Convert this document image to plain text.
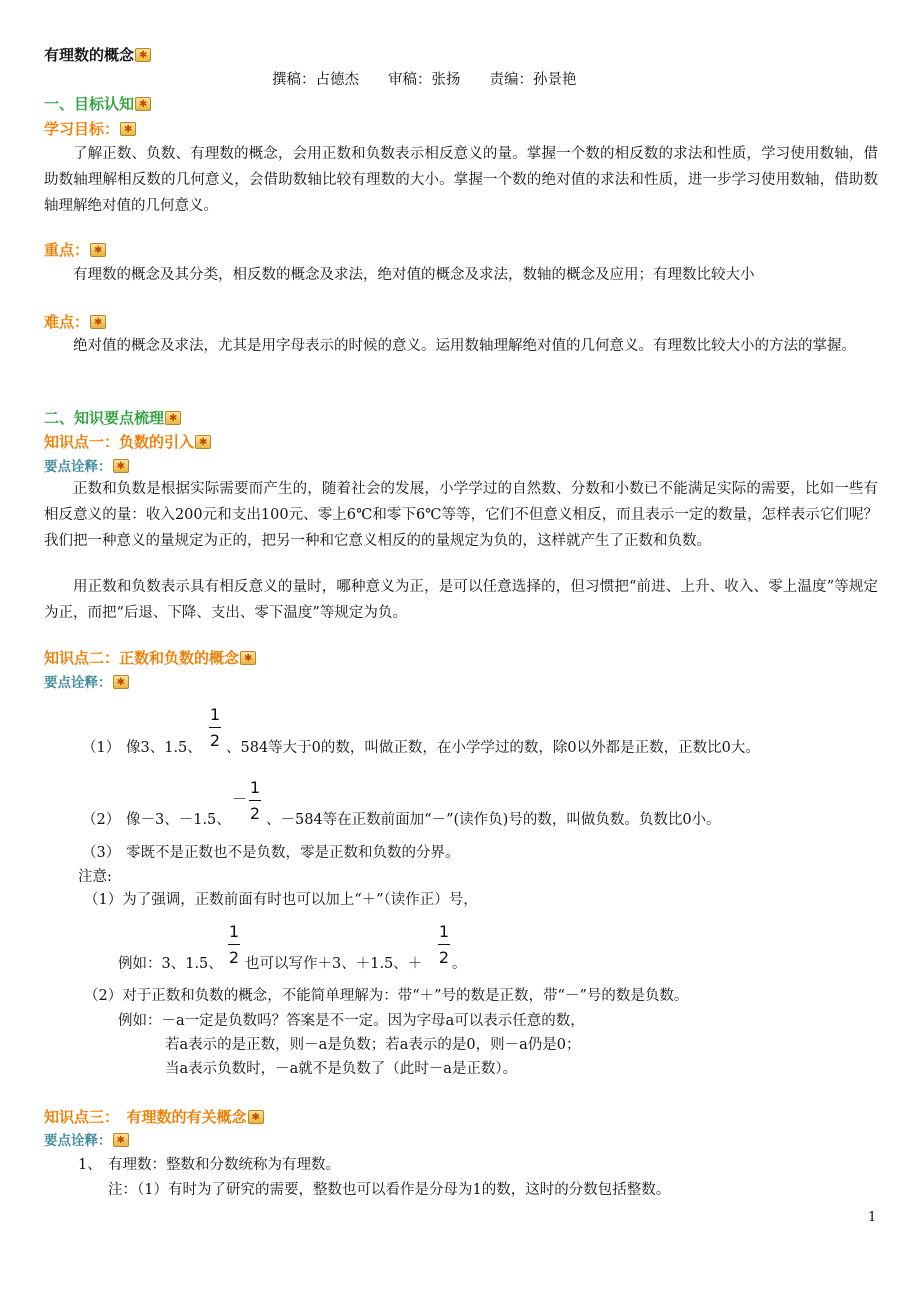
有理数的概念✱
撰稿：占德杰　　审稿：张扬　　责编：孙景艳
一、目标认知✱
学习目标：✱
了解正数、负数、有理数的概念，会用正数和负数表示相反意义的量。掌握一个数的相反数的求法和性质，学习使用数轴，借助数轴理解相反数的几何意义，会借助数轴比较有理数的大小。掌握一个数的绝对值的求法和性质，进一步学习使用数轴，借助数轴理解绝对值的几何意义。
重点：✱
有理数的概念及其分类，相反数的概念及求法，绝对值的概念及求法，数轴的概念及应用；有理数比较大小
难点：✱
绝对值的概念及求法，尤其是用字母表示的时候的意义。运用数轴理解绝对值的几何意义。有理数比较大小的方法的掌握。
二、知识要点梳理✱
知识点一：负数的引入✱
要点诠释：✱
正数和负数是根据实际需要而产生的，随着社会的发展，小学学过的自然数、分数和小数已不能满足实际的需要，比如一些有相反意义的量：收入200元和支出100元、零上6℃和零下6℃等等，它们不但意义相反，而且表示一定的数量，怎样表示它们呢？我们把一种意义的量规定为正的，把另一种和它意义相反的的量规定为负的，这样就产生了正数和负数。
用正数和负数表示具有相反意义的量时，哪种意义为正，是可以任意选择的，但习惯把“前进、上升、收入、零上温度”等规定为正，而把“后退、下降、支出、零下温度”等规定为负。
知识点二：正数和负数的概念✱
要点诠释：✱
（1） 像3、1.5、
1
2 、584等大于0的数，叫做正数，在小学学过的数，除0以外都是正数，正数比0大。
（2） 像－3、－1.5、
－
1
2 、－584等在正数前面加“－”(读作负)号的数，叫做负数。负数比0小。
（3） 零既不是正数也不是负数，零是正数和负数的分界。
注意:
（1）为了强调，正数前面有时也可以加上“＋”（读作正）号，
例如：3、1.5、
1
2 也可以写作＋3、＋1.5、＋
1
2 。
（2）对于正数和负数的概念，不能简单理解为：带“＋”号的数是正数，带“－”号的数是负数。
例如：－a一定是负数吗？答案是不一定。因为字母a可以表示任意的数，
若a表示的是正数，则－a是负数；若a表示的是0，则－a仍是0；
当a表示负数时，－a就不是负数了（此时－a是正数）。
知识点三：　有理数的有关概念✱
要点诠释：✱
1、 有理数：整数和分数统称为有理数。
注：（1）有时为了研究的需要，整数也可以看作是分母为1的数，这时的分数包括整数。
1
